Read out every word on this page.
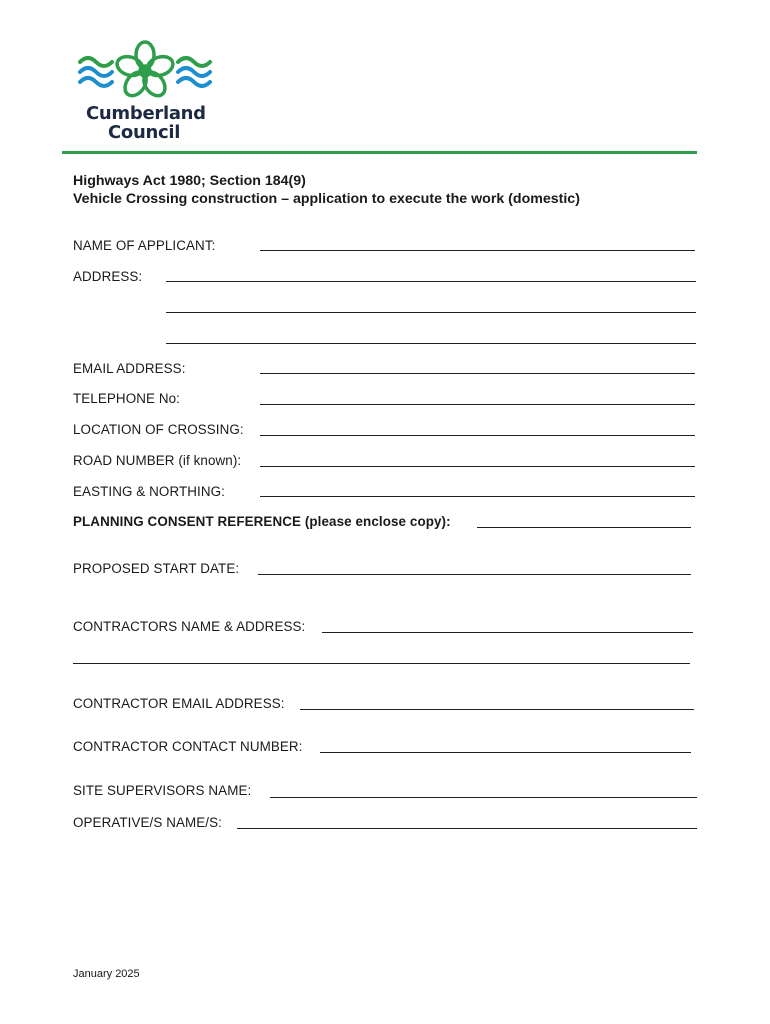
Cumberland
Council
Highways Act 1980; Section 184(9)
Vehicle Crossing construction – application to execute the work (domestic)
NAME OF APPLICANT:
ADDRESS:
EMAIL ADDRESS:
TELEPHONE No:
LOCATION OF CROSSING:
ROAD NUMBER (if known):
EASTING & NORTHING:
PLANNING CONSENT REFERENCE (please enclose copy):
PROPOSED START DATE:
CONTRACTORS NAME & ADDRESS:
CONTRACTOR EMAIL ADDRESS:
CONTRACTOR CONTACT NUMBER:
SITE SUPERVISORS NAME:
OPERATIVE/S NAME/S:
January 2025
